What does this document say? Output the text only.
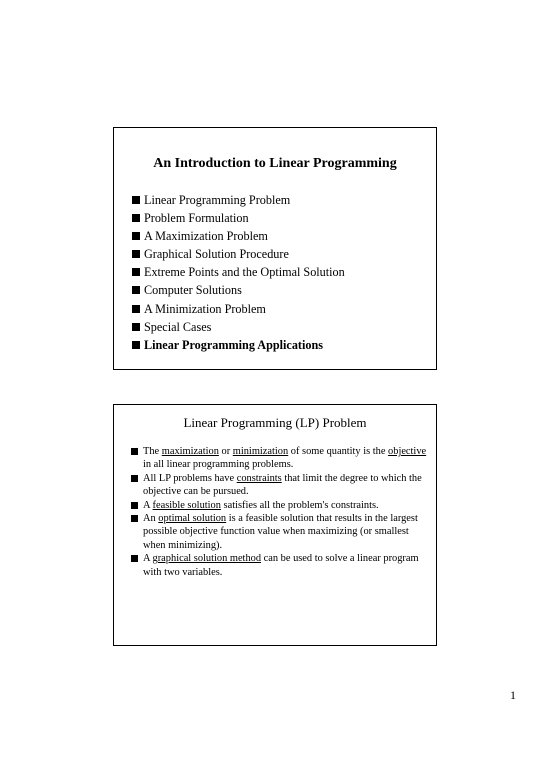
An Introduction to Linear Programming
Linear Programming Problem
Problem Formulation
A Maximization Problem
Graphical Solution Procedure
Extreme Points and the Optimal Solution
Computer Solutions
A Minimization Problem
Special Cases
Linear Programming Applications
Linear Programming (LP) Problem
The maximization or minimization of some quantity is the objective in all linear programming problems.
All LP problems have constraints that limit the degree to which the objective can be pursued.
A feasible solution satisfies all the problem's constraints.
An optimal solution is a feasible solution that results in the largest possible objective function value when maximizing (or smallest when minimizing).
A graphical solution method can be used to solve a linear program with two variables.
1
